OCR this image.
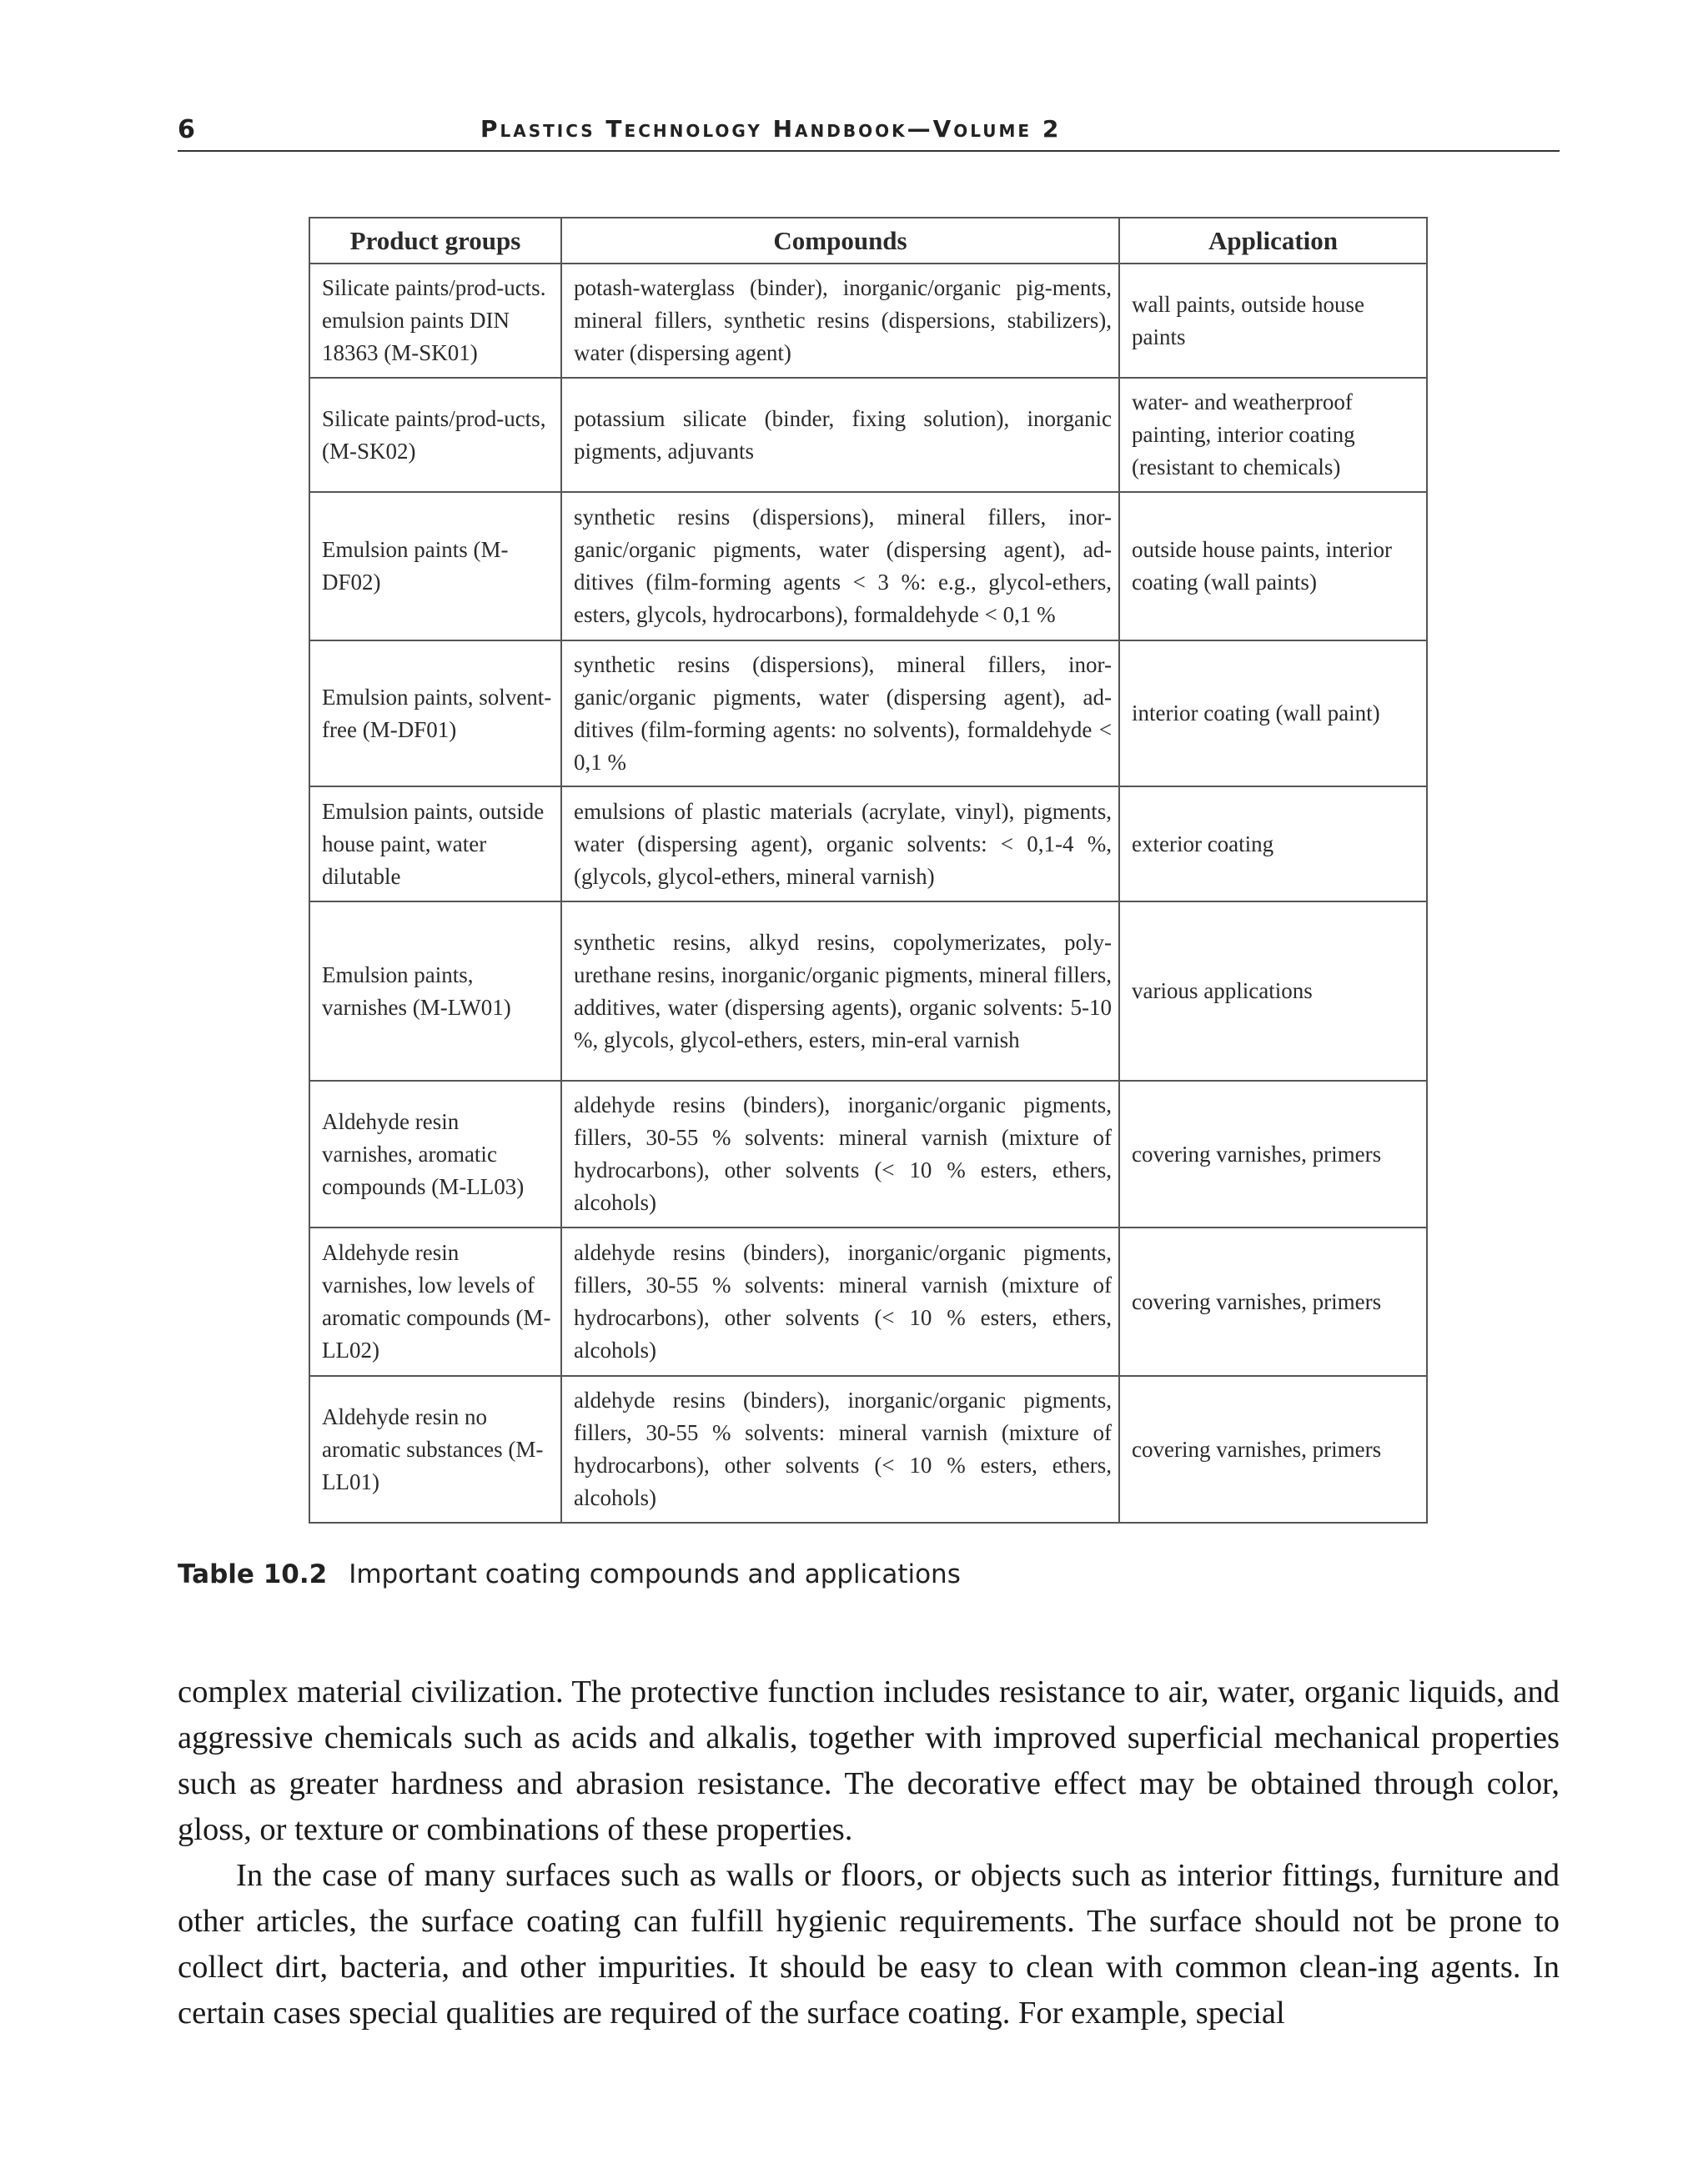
6	Plastics Technology Handbook—Volume 2
Product groups	Compounds	Application
Silicate paints/prod-ucts. emulsion paints DIN 18363 (M-SK01)	potash-waterglass (binder), inorganic/organic pig-ments, mineral fillers, synthetic resins (dispersions, stabilizers), water (dispersing agent)	wall paints, outside house paints
Silicate paints/prod-ucts, (M-SK02)	potassium silicate (binder, fixing solution), inorganic pigments, adjuvants	water- and weatherproof painting, interior coating (resistant to chemicals)
Emulsion paints (M-DF02)	synthetic resins (dispersions), mineral fillers, inor-ganic/organic pigments, water (dispersing agent), ad-ditives (film-forming agents < 3 %: e.g., glycol-ethers, esters, glycols, hydrocarbons), formaldehyde < 0,1 %	outside house paints, interior coating (wall paints)
Emulsion paints, solvent-free (M-DF01)	synthetic resins (dispersions), mineral fillers, inor-ganic/organic pigments, water (dispersing agent), ad-ditives (film-forming agents: no solvents), formaldehyde < 0,1 %	interior coating (wall paint)
Emulsion paints, outside house paint, water dilutable	emulsions of plastic materials (acrylate, vinyl), pigments, water (dispersing agent), organic solvents: < 0,1-4 %, (glycols, glycol-ethers, mineral varnish)	exterior coating
Emulsion paints, varnishes (M-LW01)	synthetic resins, alkyd resins, copolymerizates, poly-urethane resins, inorganic/organic pigments, mineral fillers, additives, water (dispersing agents), organic solvents: 5-10 %, glycols, glycol-ethers, esters, min-eral varnish	various applications
Aldehyde resin varnishes, aromatic compounds (M-LL03)	aldehyde resins (binders), inorganic/organic pigments, fillers, 30-55 % solvents: mineral varnish (mixture of hydrocarbons), other solvents (< 10 % esters, ethers, alcohols)	covering varnishes, primers
Aldehyde resin varnishes, low levels of aromatic compounds (M-LL02)	aldehyde resins (binders), inorganic/organic pigments, fillers, 30-55 % solvents: mineral varnish (mixture of hydrocarbons), other solvents (< 10 % esters, ethers, alcohols)	covering varnishes, primers
Aldehyde resin no aromatic substances (M-LL01)	aldehyde resins (binders), inorganic/organic pigments, fillers, 30-55 % solvents: mineral varnish (mixture of hydrocarbons), other solvents (< 10 % esters, ethers, alcohols)	covering varnishes, primers
Table 10.2 Important coating compounds and applications

complex material civilization. The protective function includes resistance to air, water, organic liquids, and aggressive chemicals such as acids and alkalis, together with improved superficial mechanical properties such as greater hardness and abrasion resistance. The decorative effect may be obtained through color, gloss, or texture or combinations of these properties.

In the case of many surfaces such as walls or floors, or objects such as interior fittings, furniture and other articles, the surface coating can fulfill hygienic requirements. The surface should not be prone to collect dirt, bacteria, and other impurities. It should be easy to clean with common clean-ing agents. In certain cases special qualities are required of the surface coating. For example, special
